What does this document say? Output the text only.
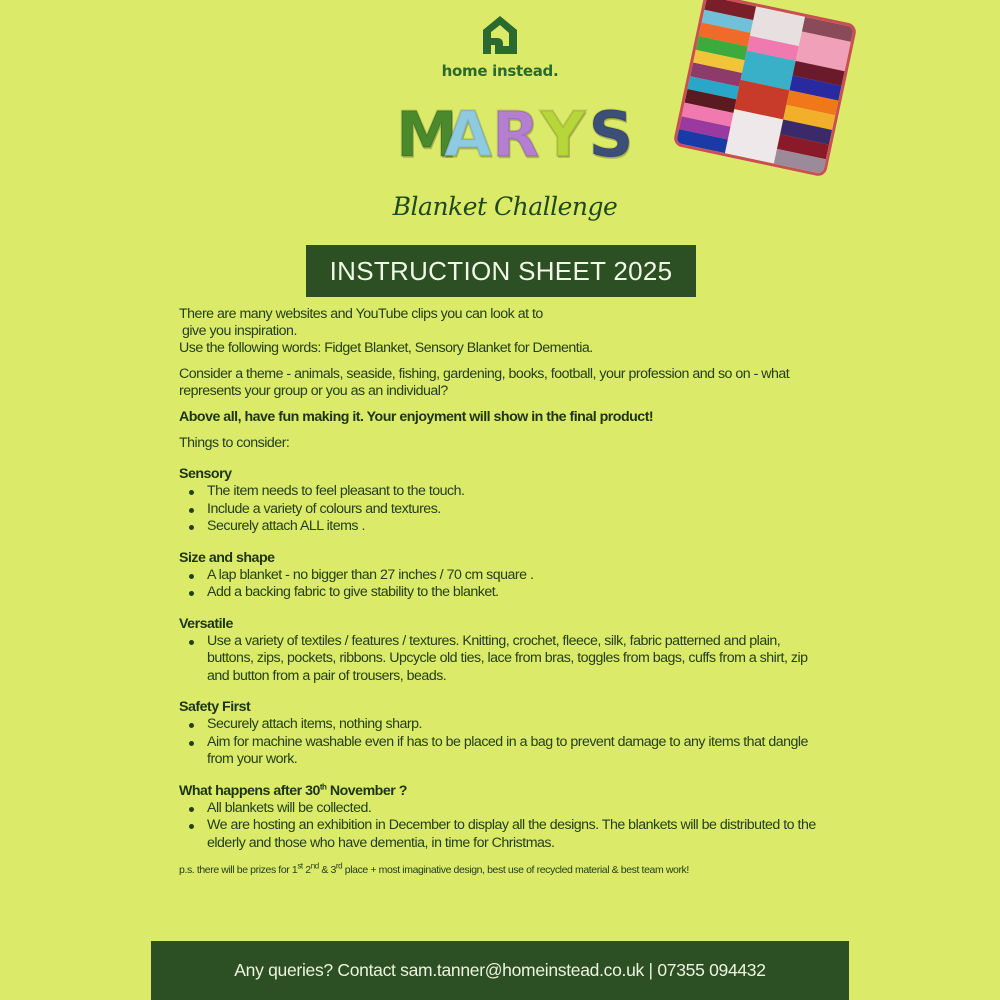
home instead.
M
A R Y S
Blanket Challenge
INSTRUCTION SHEET 2025

There are many websites and YouTube clips you can look at to

give you inspiration.

Use the following words: Fidget Blanket, Sensory Blanket for Dementia.

Consider a theme - animals, seaside, fishing, gardening, books, football, your profession and so on - what represents your group or you as an individual?

Above all, have fun making it. Your enjoyment will show in the final product!

Things to consider:

Sensory
The item needs to feel pleasant to the touch.
Include a variety of colours and textures.
Securely attach ALL items .
Size and shape
A lap blanket - no bigger than 27 inches / 70 cm square .
Add a backing fabric to give stability to the blanket.
Versatile
Use a variety of textiles / features / textures. Knitting, crochet, fleece, silk, fabric patterned and plain, buttons, zips, pockets, ribbons. Upcycle old ties, lace from bras, toggles from bags, cuffs from a shirt, zip and button from a pair of trousers, beads.
Safety First
Securely attach items, nothing sharp.
Aim for machine washable even if has to be placed in a bag to prevent damage to any items that dangle from your work.
What happens after 30th November ?
All blankets will be collected.
We are hosting an exhibition in December to display all the designs. The blankets will be distributed to the elderly and those who have dementia, in time for Christmas.

p.s. there will be prizes for 1st 2nd & 3rd place + most imaginative design, best use of recycled material & best team work!

Any queries? Contact sam.tanner@homeinstead.co.uk | 07355 094432
